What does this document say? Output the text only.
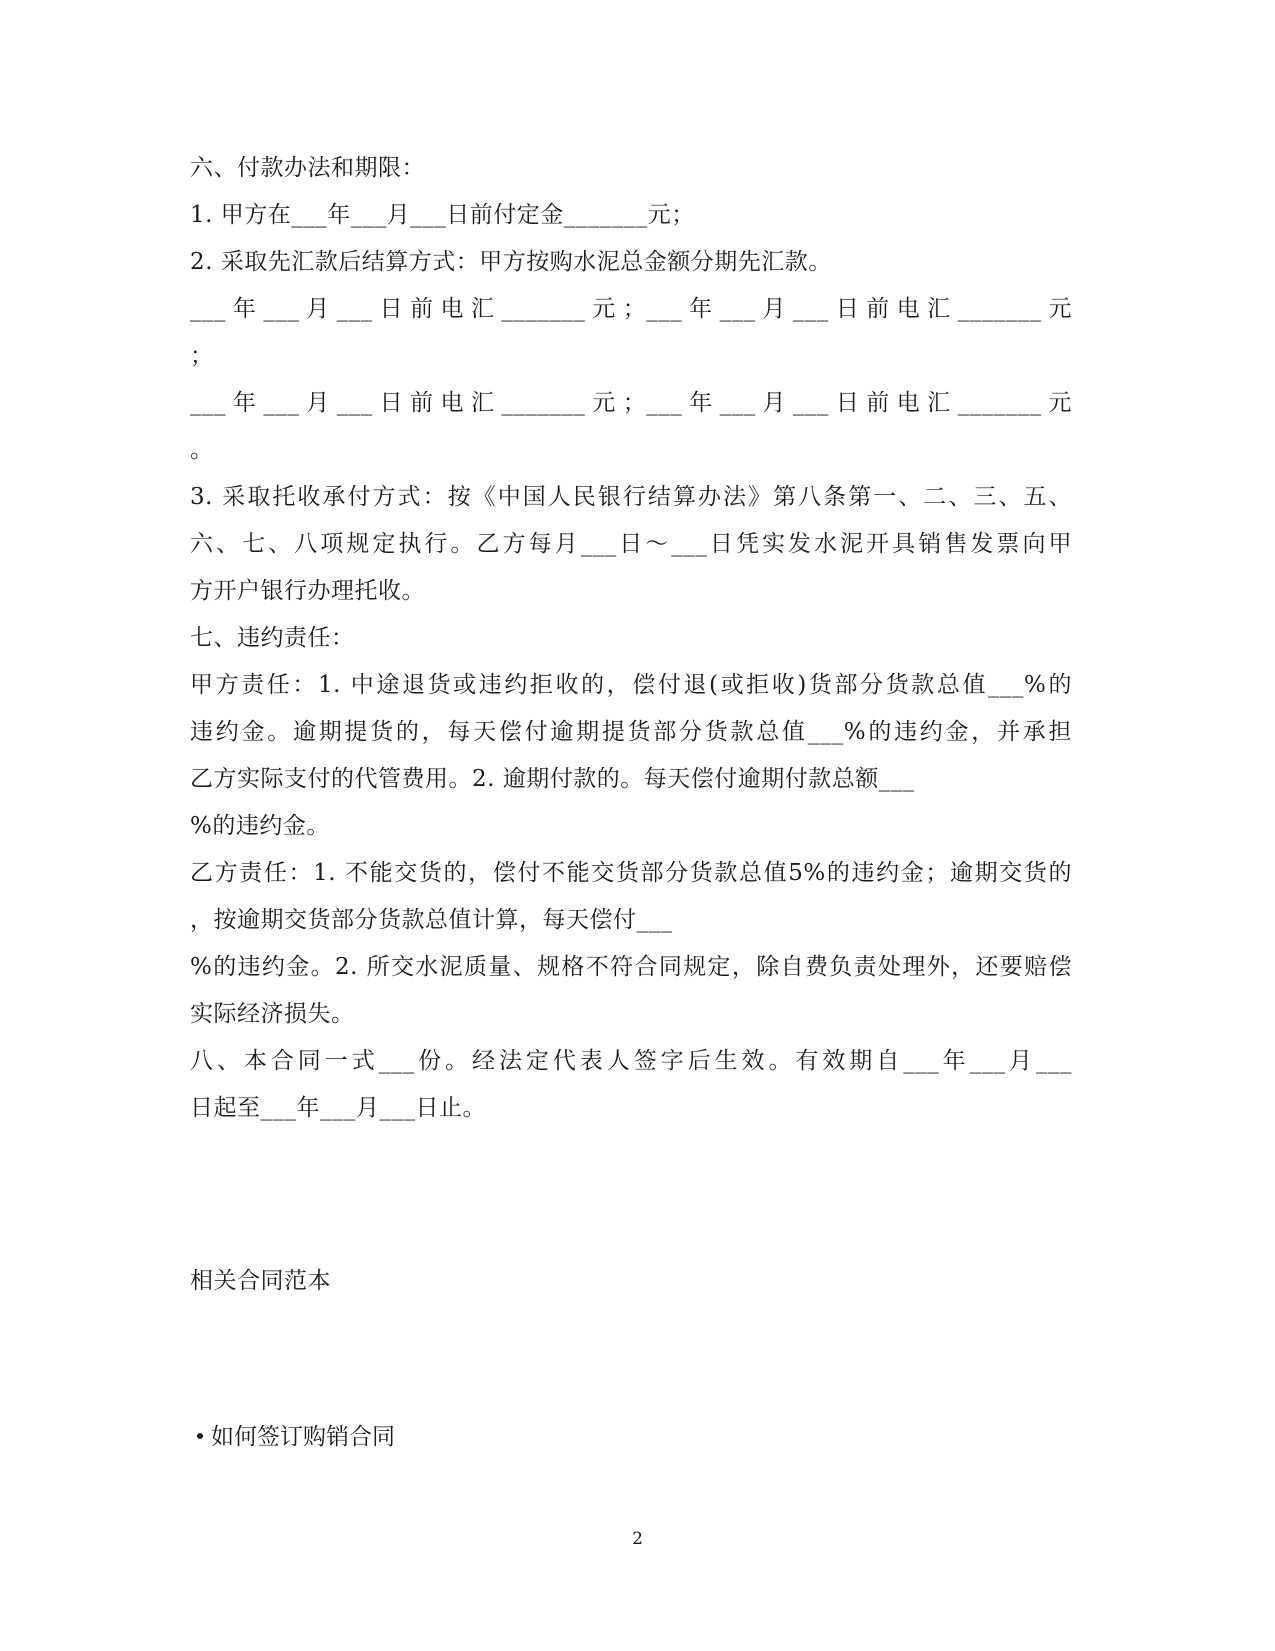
六、付款办法和期限：
1. 甲方在___年___月___日前付定金_______元；
2. 采取先汇款后结算方式：甲方按购水泥总金额分期先汇款。
___年___月___日前电汇_______元；___年___月___日前电汇_______元
；
___年___月___日前电汇_______元；___年___月___日前电汇_______元
。
3. 采取托收承付方式：按《中国人民银行结算办法》第八条第一、二、三、五、
六、七、八项规定执行。乙方每月___日～___日凭实发水泥开具销售发票向甲
方开户银行办理托收。
七、违约责任：
甲方责任：1. 中途退货或违约拒收的，偿付退(或拒收)货部分货款总值___%的
违约金。逾期提货的，每天偿付逾期提货部分货款总值___%的违约金，并承担
乙方实际支付的代管费用。2. 逾期付款的。每天偿付逾期付款总额___
%的违约金。
乙方责任：1. 不能交货的，偿付不能交货部分货款总值5%的违约金；逾期交货的
，按逾期交货部分货款总值计算，每天偿付___
%的违约金。2. 所交水泥质量、规格不符合同规定，除自费负责处理外，还要赔偿
实际经济损失。
八、本合同一式___份。经法定代表人签字后生效。有效期自___年___月___
日起至___年___月___日止。
相关合同范本
如何签订购销合同
2
